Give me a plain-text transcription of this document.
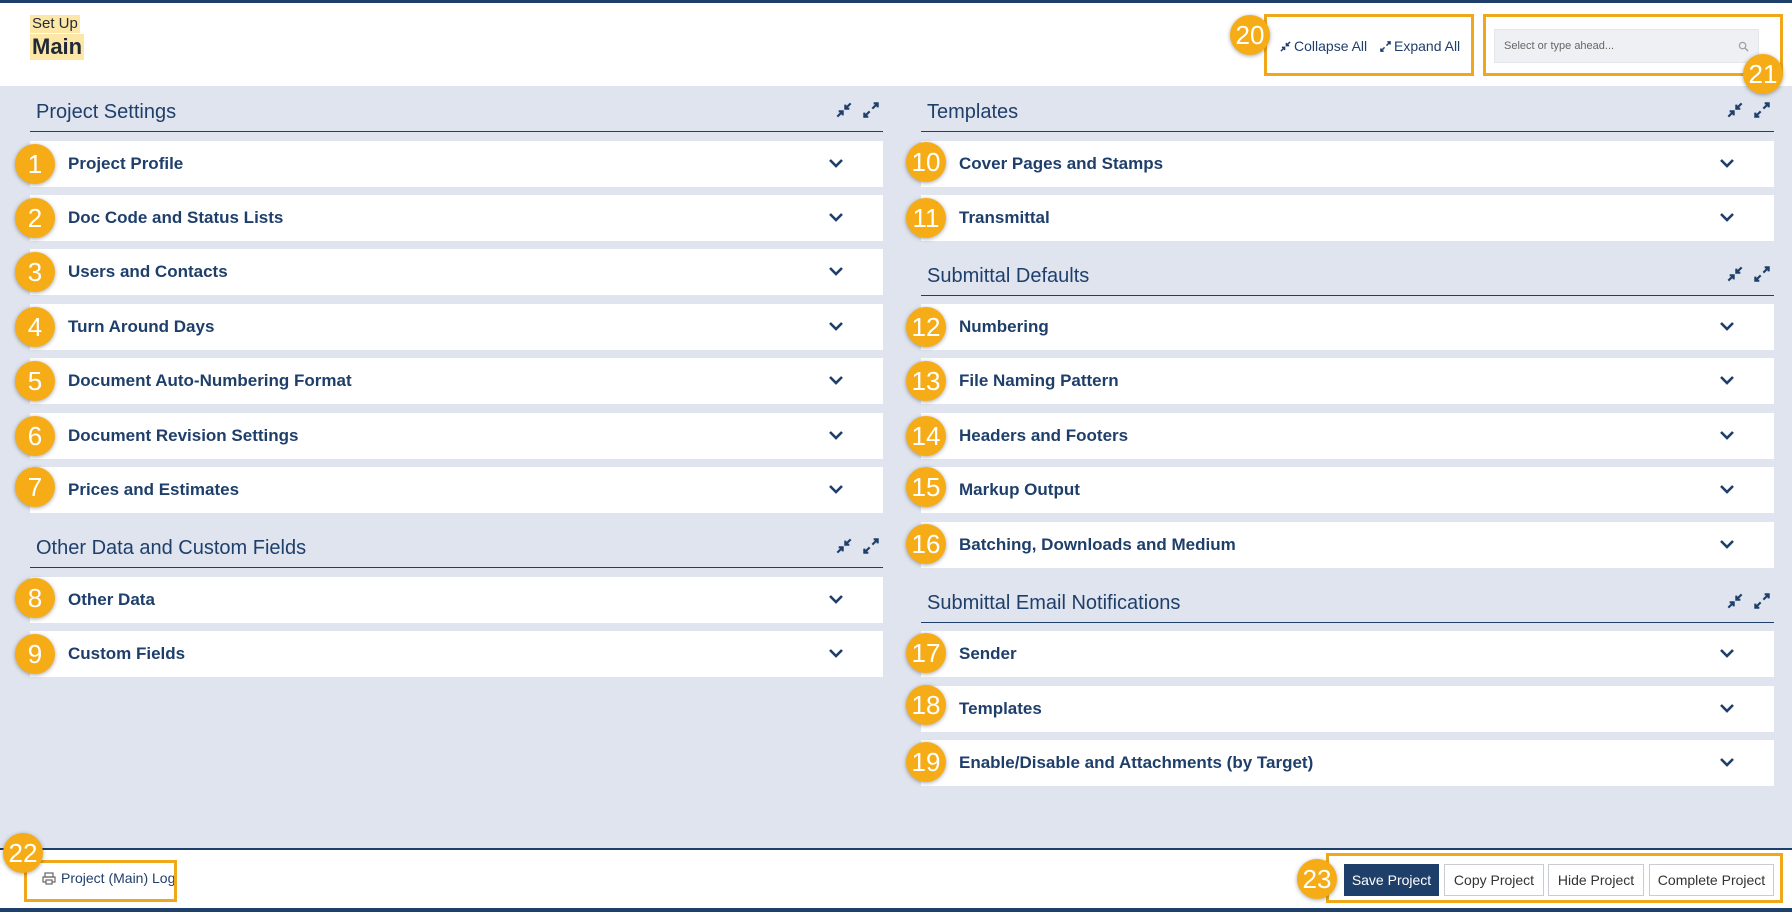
Set Up
Main	20	Collapse All Expand All
Select or type ahead...
21
Project Settings
Project Profile
1
Doc Code and Status Lists
2
Users and Contacts
3
Turn Around Days
4
Document Auto-Numbering Format
5
Document Revision Settings
6
Prices and Estimates
7
Other Data and Custom Fields
Other Data
8
Custom Fields
9
Templates
Cover Pages and Stamps
10
Transmittal
11
Submittal Defaults
Numbering
12
File Naming Pattern
13
Headers and Footers
14
Markup Output
15
Batching, Downloads and Medium
16
Submittal Email Notifications
Sender
17
Templates
18
Enable/Disable and Attachments (by Target)
19
Project (Main) Log	Save Project	Copy Project	Hide Project	Complete Project
22
23
